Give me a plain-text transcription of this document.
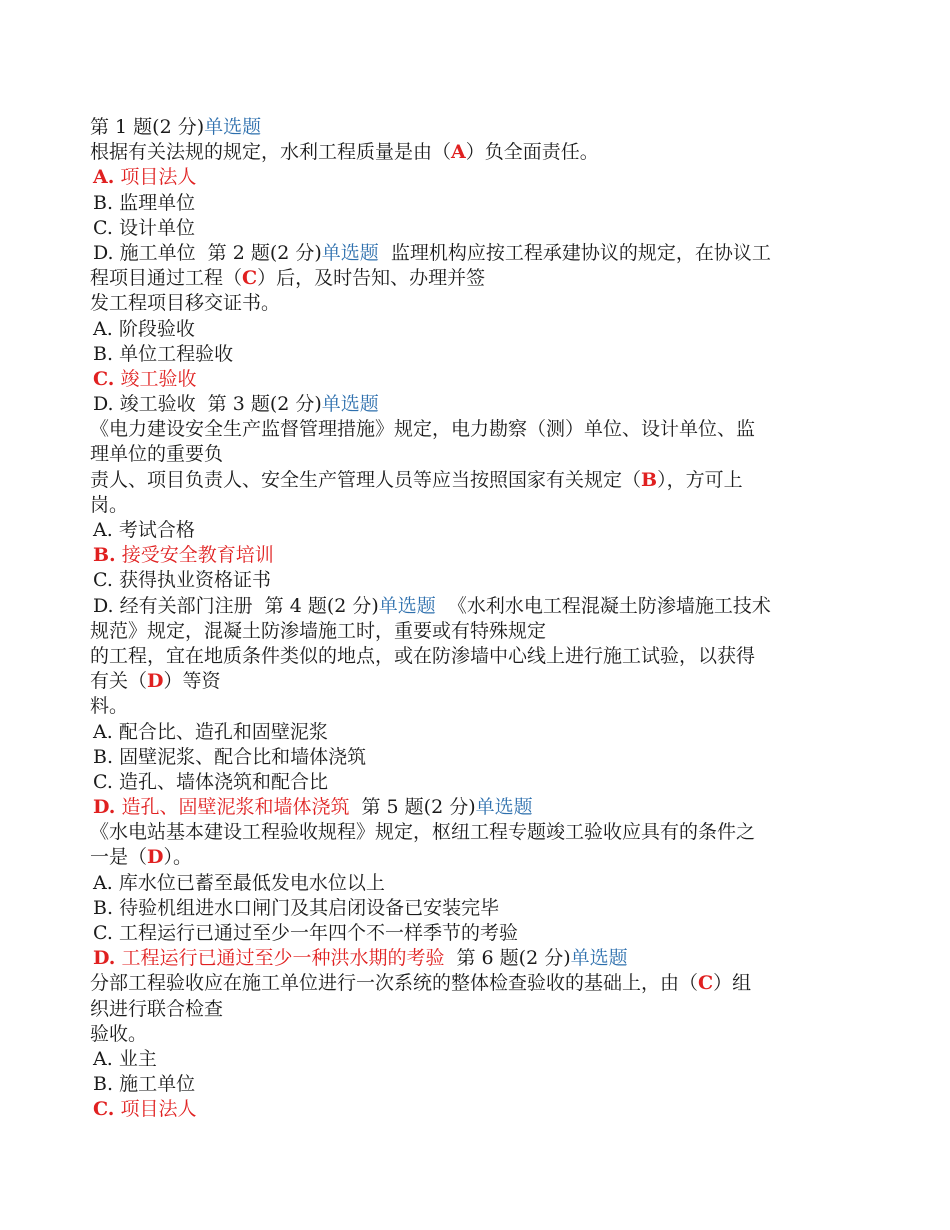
第 1 题(2 分)单选题
根据有关法规的规定，水利工程质量是由（A）负全面责任。
A. 项目法人
B. 监理单位
C. 设计单位
D. 施工单位 第 2 题(2 分)单选题 监理机构应按工程承建协议的规定，在协议工
程项目通过工程（C）后，及时告知、办理并签
发工程项目移交证书。
A. 阶段验收
B. 单位工程验收
C. 竣工验收
D. 竣工验收 第 3 题(2 分)单选题
《电力建设安全生产监督管理措施》规定，电力勘察（测）单位、设计单位、监
理单位的重要负
责人、项目负责人、安全生产管理人员等应当按照国家有关规定（B），方可上
岗。
A. 考试合格
B. 接受安全教育培训
C. 获得执业资格证书
D. 经有关部门注册 第 4 题(2 分)单选题 《水利水电工程混凝土防渗墙施工技术
规范》规定，混凝土防渗墙施工时，重要或有特殊规定
的工程，宜在地质条件类似的地点，或在防渗墙中心线上进行施工试验，以获得
有关（D）等资
料。
A. 配合比、造孔和固壁泥浆
B. 固壁泥浆、配合比和墙体浇筑
C. 造孔、墙体浇筑和配合比
D. 造孔、固壁泥浆和墙体浇筑 第 5 题(2 分)单选题
《水电站基本建设工程验收规程》规定，枢纽工程专题竣工验收应具有的条件之
一是（D）。
A. 库水位已蓄至最低发电水位以上
B. 待验机组进水口闸门及其启闭设备已安装完毕
C. 工程运行已通过至少一年四个不一样季节的考验
D. 工程运行已通过至少一种洪水期的考验 第 6 题(2 分)单选题
分部工程验收应在施工单位进行一次系统的整体检查验收的基础上，由（C）组
织进行联合检查
验收。
A. 业主
B. 施工单位
C. 项目法人
